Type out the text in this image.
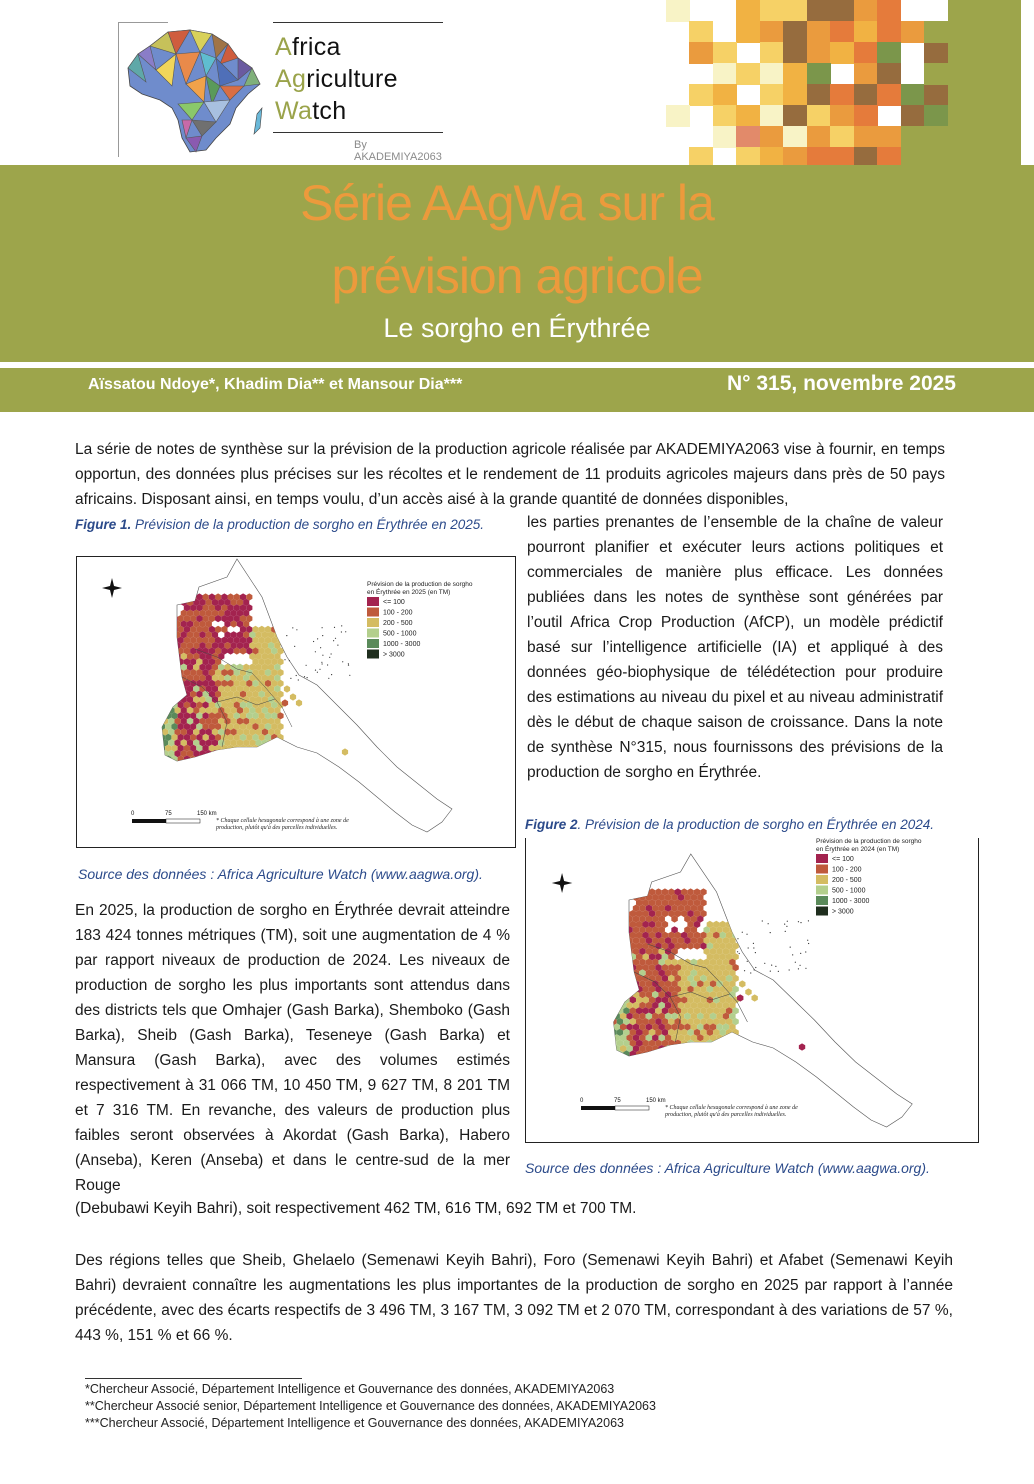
Africa
Agriculture
Watch
By AKADEMIYA2063
Série AAgWa sur la
prévision agricole
Le sorgho en Érythrée
Aïssatou Ndoye*, Khadim Dia** et Mansour Dia***	N° 315, novembre 2025
La série de notes de synthèse sur la prévision de la production agricole réalisée par AKADEMIYA2063 vise à fournir, en temps opportun, des données plus précises sur les récoltes et le rendement de 11 produits agricoles majeurs dans près de 50 pays africains. Disposant ainsi, en temps voulu, d’un accès aisé à la grande quantité de données disponibles,
Figure 1. Prévision de la production de sorgho en Érythrée en 2025.	les parties prenantes de l’ensemble de la chaîne de valeur pourront planifier et exécuter leurs actions politiques et commerciales de manière plus efficace. Les données publiées dans les notes de synthèse sont générées par l’outil Africa Crop Production (AfCP), un modèle prédictif basé sur l’intelligence artificielle (IA) et appliqué à des données géo-biophysique de télédétection pour produire des estimations au niveau du pixel et au niveau administratif dès le début de chaque saison de croissance. Dans la note de synthèse N°315, nous fournissons des prévisions de la production de sorgho en Érythrée.
Prévision de la production de sorgho
en Érythrée en 2025 (en TM)
<= 100
100 - 200
200 - 500
500 - 1000
1000 - 3000
> 3000
0	75	150 km
* Chaque cellule hexagonale correspond à une zone de
production, plutôt qu'à des parcelles individuelles.
Source des données : Africa Agriculture Watch (www.aagwa.org).
Figure 2. Prévision de la production de sorgho en Érythrée en 2024.
Prévision de la production de sorgho
en Érythrée en 2024 (en TM)
<= 100
100 - 200
200 - 500
500 - 1000
1000 - 3000
> 3000
0	75	150 km
* Chaque cellule hexagonale correspond à une zone de
production, plutôt qu'à des parcelles individuelles.
Source des données : Africa Agriculture Watch (www.aagwa.org).
En 2025, la production de sorgho en Érythrée devrait atteindre 183 424 tonnes métriques (TM), soit une augmentation de 4 % par rapport niveaux de production de 2024. Les niveaux de production de sorgho les plus importants sont attendus dans des districts tels que Omhajer (Gash Barka), Shemboko (Gash Barka), Sheib (Gash Barka), Teseneye (Gash Barka) et Mansura (Gash Barka), avec des volumes estimés respectivement à 31 066 TM, 10 450 TM, 9 627 TM, 8 201 TM et 7 316 TM. En revanche, des valeurs de production plus faibles seront observées à Akordat (Gash Barka), Habero (Anseba), Keren (Anseba) et dans le centre-sud de la mer Rouge
(Debubawi Keyih Bahri), soit respectivement 462 TM, 616 TM, 692 TM et 700 TM.
Des régions telles que Sheib, Ghelaelo (Semenawi Keyih Bahri), Foro (Semenawi Keyih Bahri) et Afabet (Semenawi Keyih Bahri) devraient connaître les augmentations les plus importantes de la production de sorgho en 2025 par rapport à l’année précédente, avec des écarts respectifs de 3 496 TM, 3 167 TM, 3 092 TM et 2 070 TM, correspondant à des variations de 57 %, 443 %, 151 % et 66 %.
*Chercheur Associé, Département Intelligence et Gouvernance des données, AKADEMIYA2063
**Chercheur Associé senior, Département Intelligence et Gouvernance des données, AKADEMIYA2063
***Chercheur Associé, Département Intelligence et Gouvernance des données, AKADEMIYA2063
